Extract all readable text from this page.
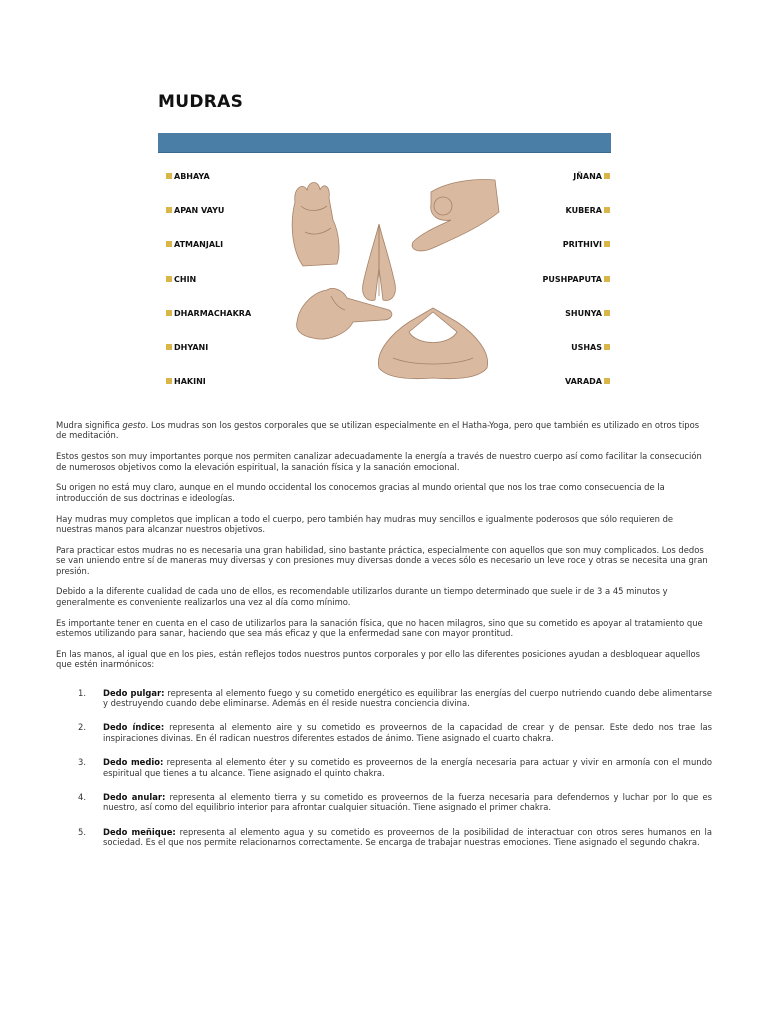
MUDRAS
ABHAYA
APAN VAYU
ATMANJALI
CHIN
DHARMACHAKRA
DHYANI
HAKINI
JÑANA
KUBERA
PRITHIVI
PUSHPAPUTA
SHUNYA
USHAS
VARADA

Mudra significa gesto. Los mudras son los gestos corporales que se utilizan especialmente en el Hatha-Yoga, pero que también es utilizado en otros tipos de meditación.

Estos gestos son muy importantes porque nos permiten canalizar adecuadamente la energía a través de nuestro cuerpo así como facilitar la consecución de numerosos objetivos como la elevación espiritual, la sanación física y la sanación emocional.

Su origen no está muy claro, aunque en el mundo occidental los conocemos gracias al mundo oriental que nos los trae como consecuencia de la introducción de sus doctrinas e ideologías.

Hay mudras muy completos que implican a todo el cuerpo, pero también hay mudras muy sencillos e igualmente poderosos que sólo requieren de nuestras manos para alcanzar nuestros objetivos.

Para practicar estos mudras no es necesaria una gran habilidad, sino bastante práctica, especialmente con aquellos que son muy complicados. Los dedos se van uniendo entre sí de maneras muy diversas y con presiones muy diversas donde a veces sólo es necesario un leve roce y otras se necesita una gran presión.

Debido a la diferente cualidad de cada uno de ellos, es recomendable utilizarlos durante un tiempo determinado que suele ir de 3 a 45 minutos y generalmente es conveniente realizarlos una vez al día como mínimo.

Es importante tener en cuenta en el caso de utilizarlos para la sanación física, que no hacen milagros, sino que su cometido es apoyar al tratamiento que estemos utilizando para sanar, haciendo que sea más eficaz y que la enfermedad sane con mayor prontitud.

En las manos, al igual que en los pies, están reflejos todos nuestros puntos corporales y por ello las diferentes posiciones ayudan a desbloquear aquellos que estén inarmónicos:

1. Dedo pulgar: representa al elemento fuego y su cometido energético es equilibrar las energías del cuerpo nutriendo cuando debe alimentarse y destruyendo cuando debe eliminarse. Además en él reside nuestra conciencia divina.
2. Dedo índice: representa al elemento aire y su cometido es proveernos de la capacidad de crear y de pensar. Este dedo nos trae las inspiraciones divinas. En él radican nuestros diferentes estados de ánimo. Tiene asignado el cuarto chakra.
3. Dedo medio: representa al elemento éter y su cometido es proveernos de la energía necesaria para actuar y vivir en armonía con el mundo espiritual que tienes a tu alcance. Tiene asignado el quinto chakra.
4. Dedo anular: representa al elemento tierra y su cometido es proveernos de la fuerza necesaria para defendernos y luchar por lo que es nuestro, así como del equilibrio interior para afrontar cualquier situación. Tiene asignado el primer chakra.
5. Dedo meñique: representa al elemento agua y su cometido es proveernos de la posibilidad de interactuar con otros seres humanos en la sociedad. Es el que nos permite relacionarnos correctamente. Se encarga de trabajar nuestras emociones. Tiene asignado el segundo chakra.
